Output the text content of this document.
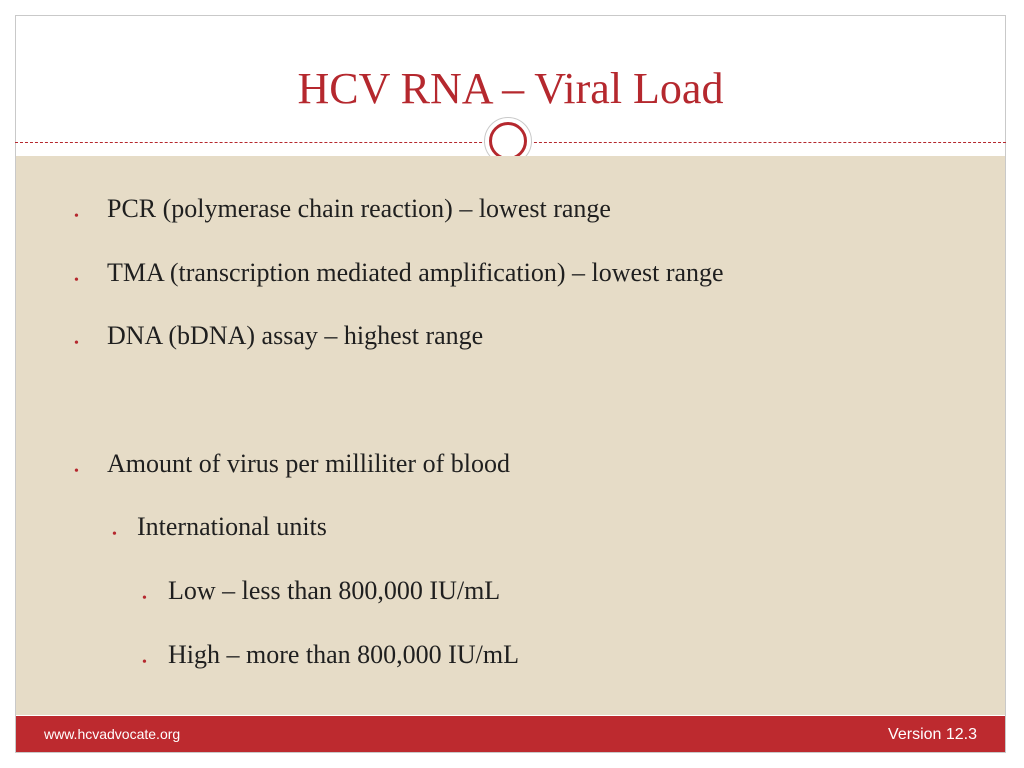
HCV RNA – Viral Load
• PCR (polymerase chain reaction) – lowest range
• TMA (transcription mediated amplification) – lowest range
• DNA (bDNA) assay – highest range
• Amount of virus per milliliter of blood
• International units
• Low – less than 800,000 IU/mL
• High – more than 800,000 IU/mL
www.hcvadvocate.org	Version 12.3
